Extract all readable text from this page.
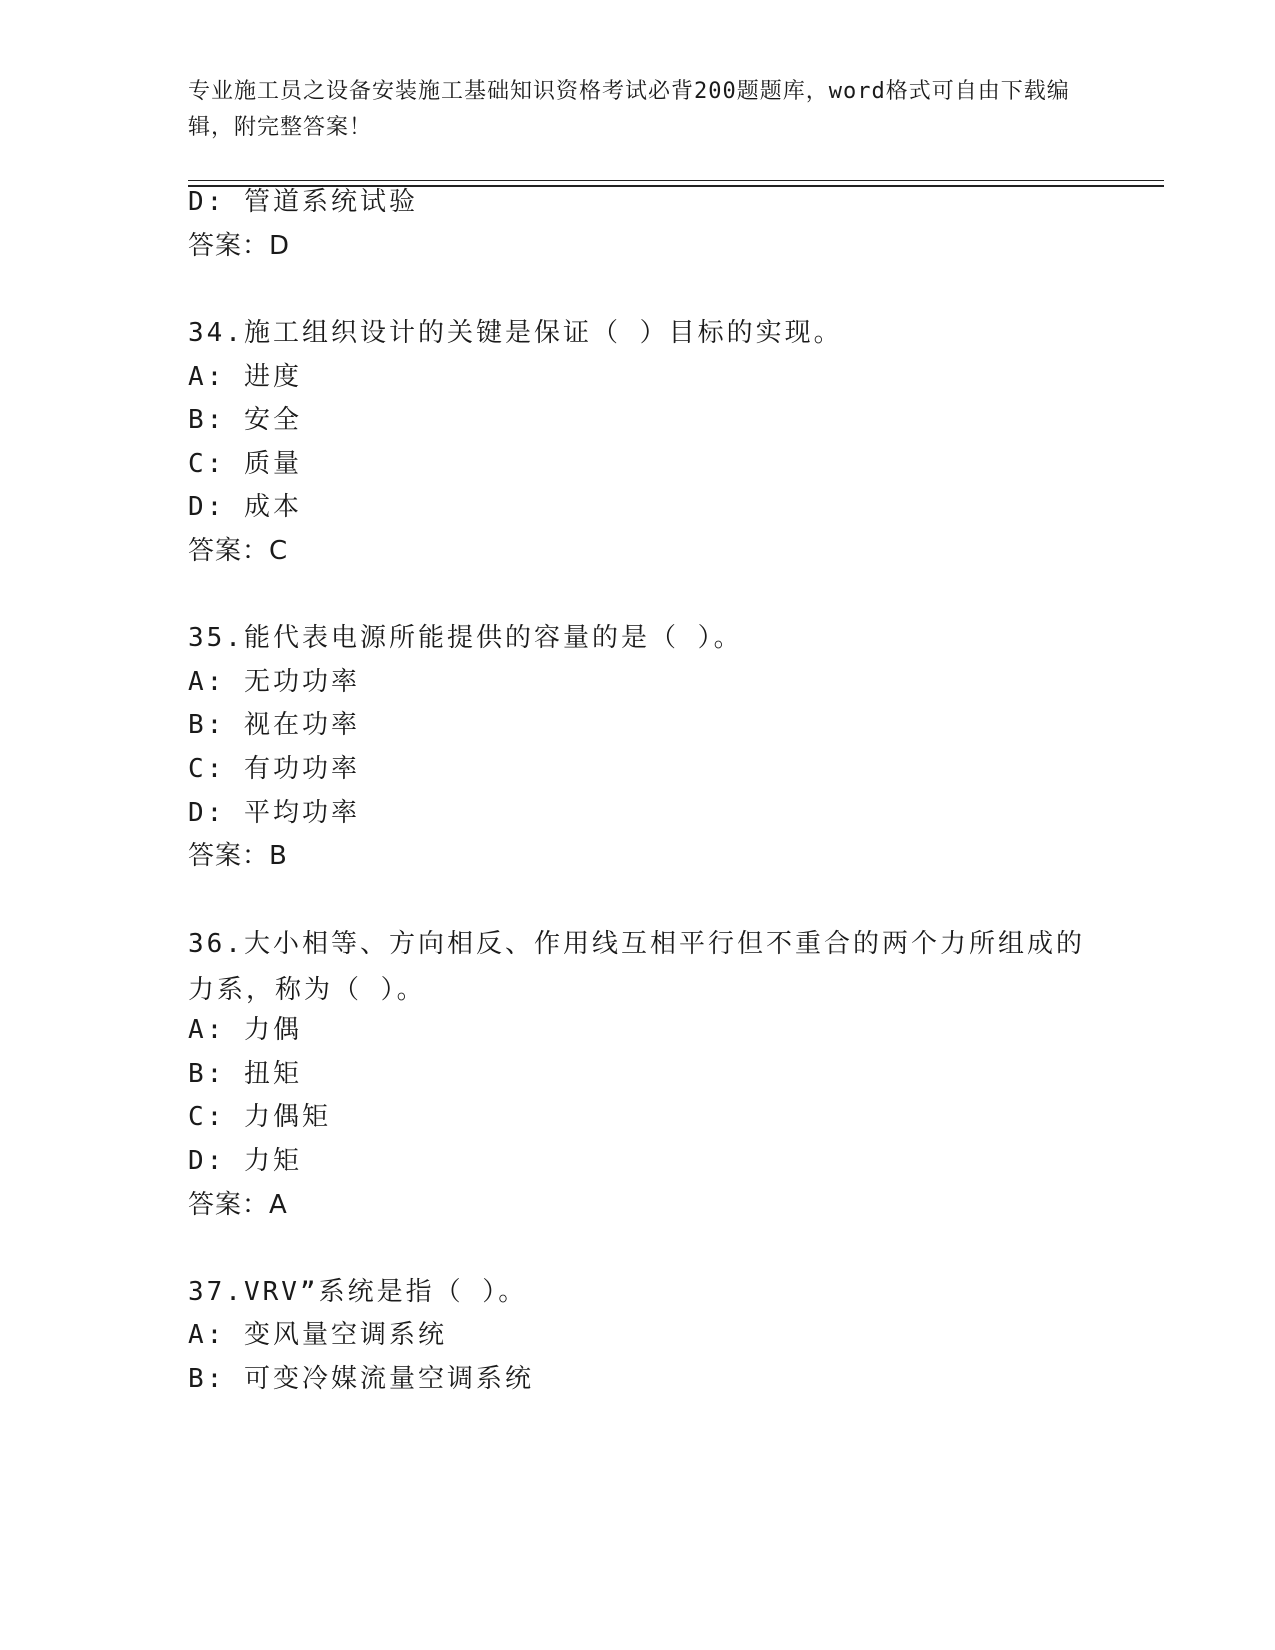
专业施工员之设备安装施工基础知识资格考试必背200题题库，word格式可自由下载编辑，附完整答案！
D: 管道系统试验
答案：D
34.施工组织设计的关键是保证（ ）目标的实现。
A: 进度
B: 安全
C: 质量
D: 成本
答案：C
35.能代表电源所能提供的容量的是（ ）。
A: 无功功率
B: 视在功率
C: 有功功率
D: 平均功率
答案：B
36.大小相等、方向相反、作用线互相平行但不重合的两个力所组成的力系，称为（ ）。
A: 力偶
B: 扭矩
C: 力偶矩
D: 力矩
答案：A
37.VRV”系统是指（ ）。
A: 变风量空调系统
B: 可变冷媒流量空调系统
